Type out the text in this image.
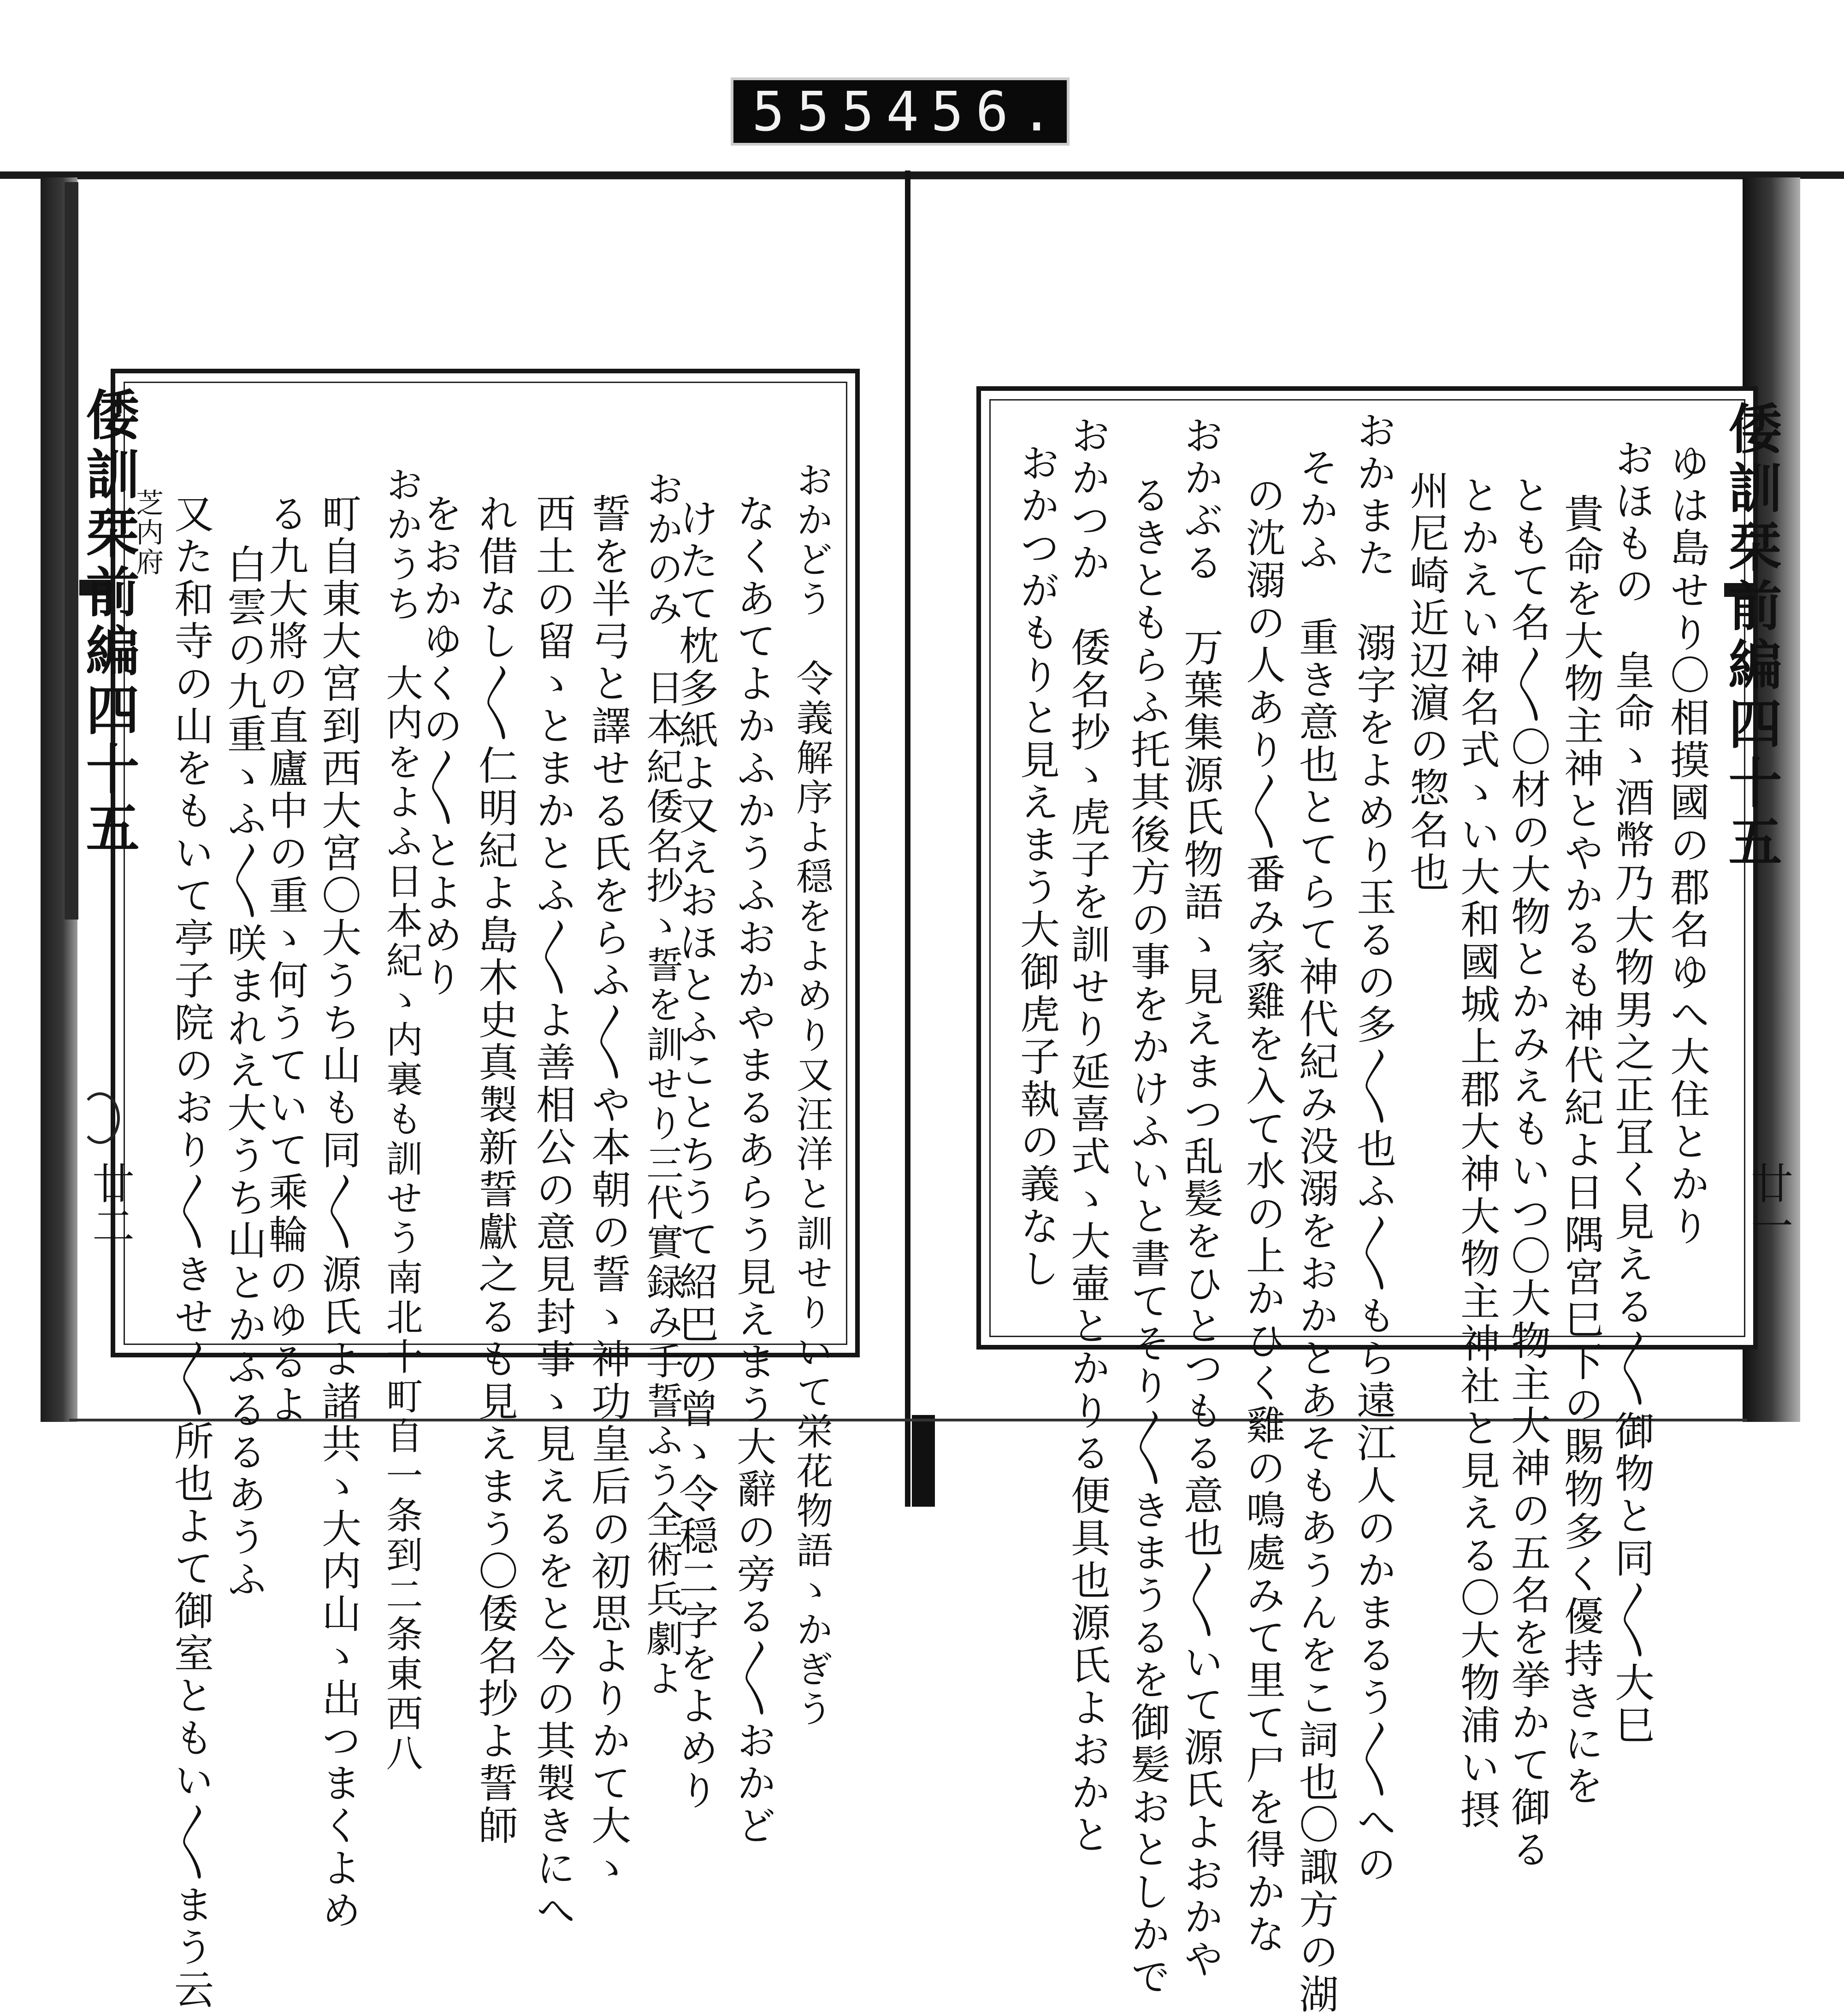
555 456.
倭訓栞前編四十五
廿二	おかどう　令義解序よ穏をよめり又汪洋と訓せりいて栄花物語ゝかぎう
なくあてよかふかうふおかやまるあらう見えまう大辭の旁る〳〵おかど
けたて枕多紙よ又えおほとふことちうて紹巴の曾ゝ令穏二字をよめり
おかのみ　日本紀倭名抄ゝ誓を訓せり三代實録み手誓ふう全術兵劇よ
誓を半弓と譯せる氏をらふ〳〵や本朝の誓ゝ神功皇后の初思よりかて大ゝ
西土の留ゝとまかとふ〳〵よ善相公の意見封事ゝ見えるをと今の其製きにへ
れ借なし〳〵仁明紀よ島木史真製新誓獻之るも見えまう〇倭名抄よ誓師
をおかゆくの〳〵とよめり
おかうち　大内をよふ日本紀ゝ内裏も訓せう南北十町自一条到二条東西八
町自東大宮到西大宮〇大うち山も同〳〵源氏よ諸共ゝ大内山ゝ出つまくよめ
る九大將の直廬中の重ゝ何うていて乘輪のゆるよ
白雲の九重ゝふ〳〵咲まれえ大うち山とかふるるあうふ
又た和寺の山をもいて亭子院のおり〳〵きせ〳〵所也よて御室ともい〳〵まう云
芝内府	倭訓栞前編四十五
廿一
ゆは島せり〇相摸國の郡名ゆへ大住とかり
おほもの　皇命ゝ酒幣乃大物男之正冝く見える〳〵御物と同〳〵大巳
貴命を大物主神とやかるも神代紀よ日隅宮巳下の賜物多く優持きにを
ともて名〳〵〇材の大物とかみえもいつ〇大物主大神の五名を挙かて御る
とかえい神名式ゝい大和國城上郡大神大物主神社と見える〇大物浦い摂
州尼崎近辺濵の惣名也
おかまた　溺字をよめり玉るの多〳〵也ふ〳〵もら遠江人のかまるう〳〵への
そかふ　重き意也とてらて神代紀み没溺をおかとあそもあうんをこ詞也〇諏方の湖
の沈溺の人あり〳〵番み家雞を入て水の上かひく雞の鳴處みて里て尸を得かな
おかぶる　万葉集源氏物語ゝ見えまつ乱髪をひとつもる意也〳〵いて源氏よおかや
るきともらふ托其後方の事をかけふいと書てそり〳〵きまうるを御髪おとしかで
おかつか　倭名抄ゝ虎子を訓せり延喜式ゝ大壷とかりる便具也源氏よおかと
おかつがもりと見えまう大御虎子執の義なし
